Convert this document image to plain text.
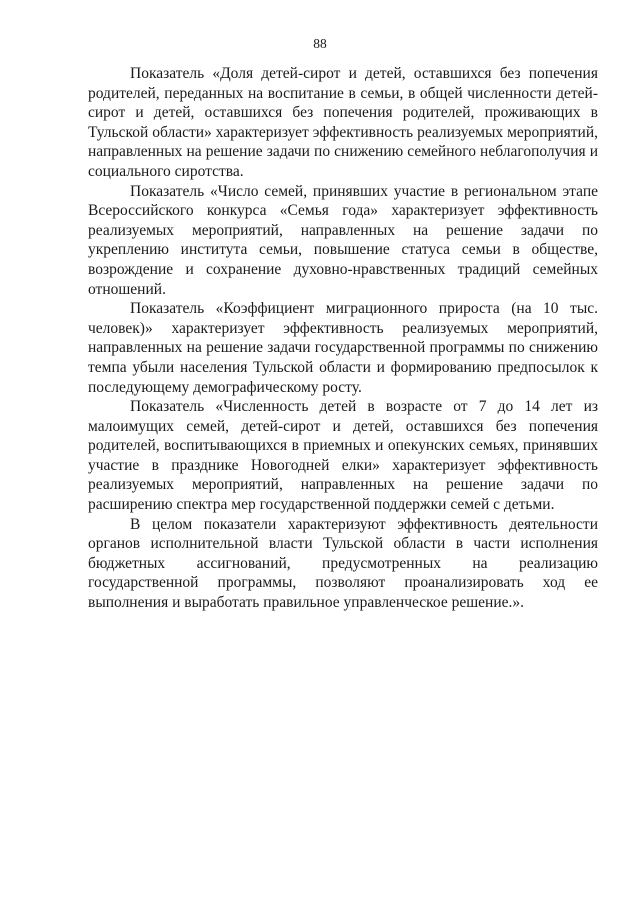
88

Показатель «Доля детей-сирот и детей, оставшихся без попечения родителей, переданных на воспитание в семьи, в общей численности детей-сирот и детей, оставшихся без попечения родителей, проживающих в Тульской области» характеризует эффективность реализуемых мероприятий, направленных на решение задачи по снижению семейного неблагополучия и социального сиротства.

Показатель «Число семей, принявших участие в региональном этапе Всероссийского конкурса «Семья года» характеризует эффективность реализуемых мероприятий, направленных на решение задачи по укреплению института семьи, повышение статуса семьи в обществе, возрождение и сохранение духовно-нравственных традиций семейных отношений.

Показатель «Коэффициент миграционного прироста (на 10 тыс. человек)» характеризует эффективность реализуемых мероприятий, направленных на решение задачи государственной программы по снижению темпа убыли населения Тульской области и формированию предпосылок к последующему демографическому росту.

Показатель «Численность детей в возрасте от 7 до 14 лет из малоимущих семей, детей-сирот и детей, оставшихся без попечения родителей, воспитывающихся в приемных и опекунских семьях, принявших участие в празднике Новогодней елки» характеризует эффективность реализуемых мероприятий, направленных на решение задачи по расширению спектра мер государственной поддержки семей с детьми.

В целом показатели характеризуют эффективность деятельности органов исполнительной власти Тульской области в части исполнения бюджетных ассигнований, предусмотренных на реализацию государственной программы, позволяют проанализировать ход ее выполнения и выработать правильное управленческое решение.».
